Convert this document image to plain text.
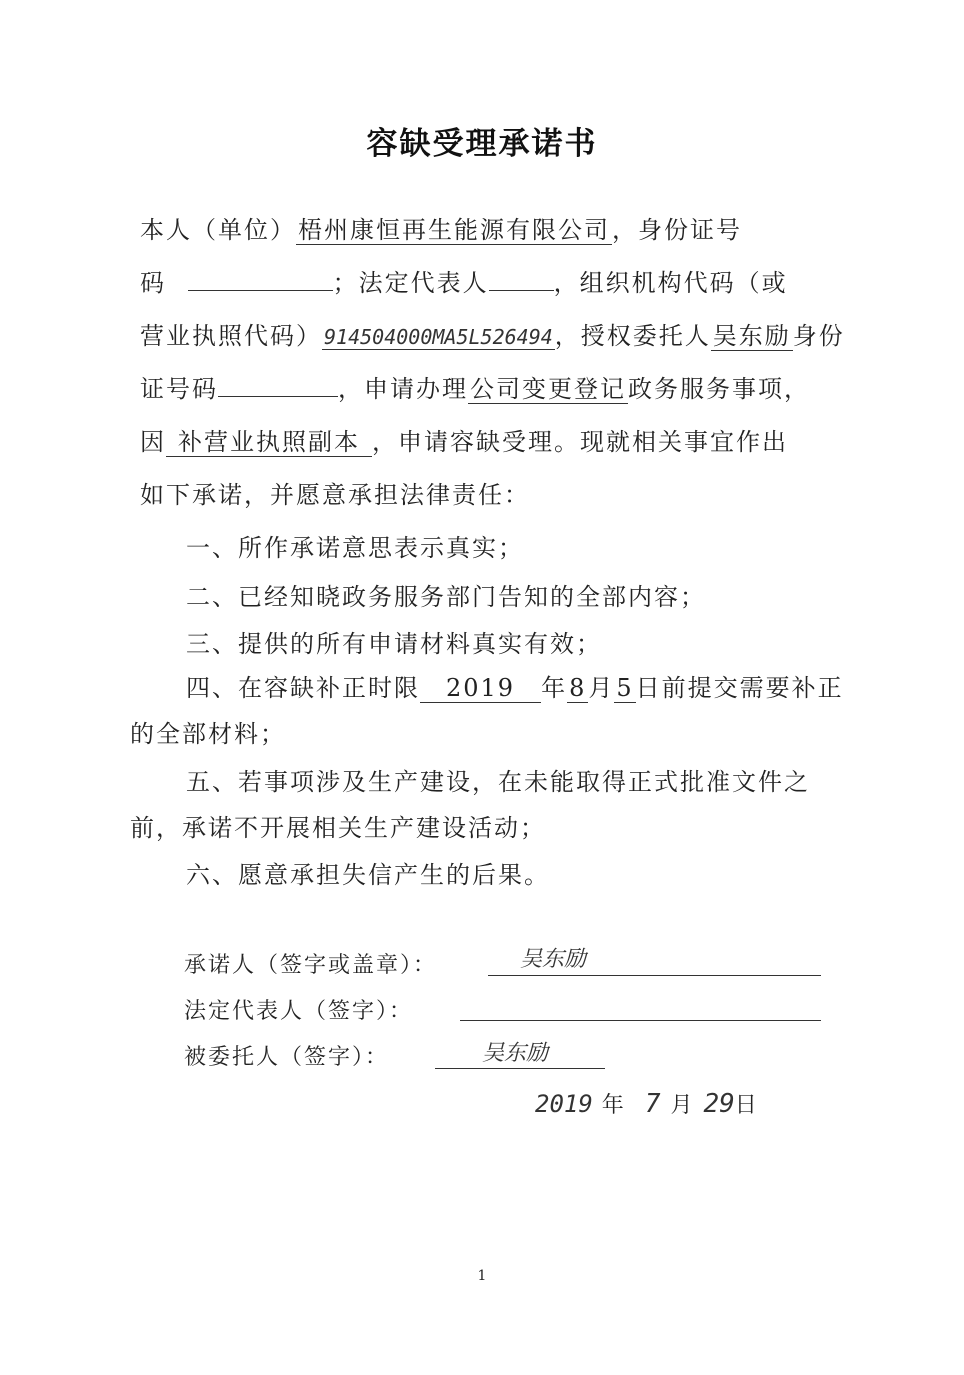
容缺受理承诺书
本人（单位）梧州康恒再生能源有限公司，身份证号
码	；法定代表人	，组织机构代码（或
营业执照代码） 914504000MA5L526494，授权委托人吴东励身份
证号码	，申请办理公司变更登记政务服务事项，
因 补营业执照副本 ，申请容缺受理。现就相关事宜作出
如下承诺，并愿意承担法律责任：
一、所作承诺意思表示真实；
二、已经知晓政务服务部门告知的全部内容；
三、提供的所有申请材料真实有效；
四、在容缺补正时限 2019 年8月5日前提交需要补正
的全部材料；
五、若事项涉及生产建设，在未能取得正式批准文件之
前，承诺不开展相关生产建设活动；
六、愿意承担失信产生的后果。
承诺人（签字或盖章）：	吴东励
法定代表人（签字）：
被委托人（签字）：	吴东励
2019 年 7 月 29日
1
